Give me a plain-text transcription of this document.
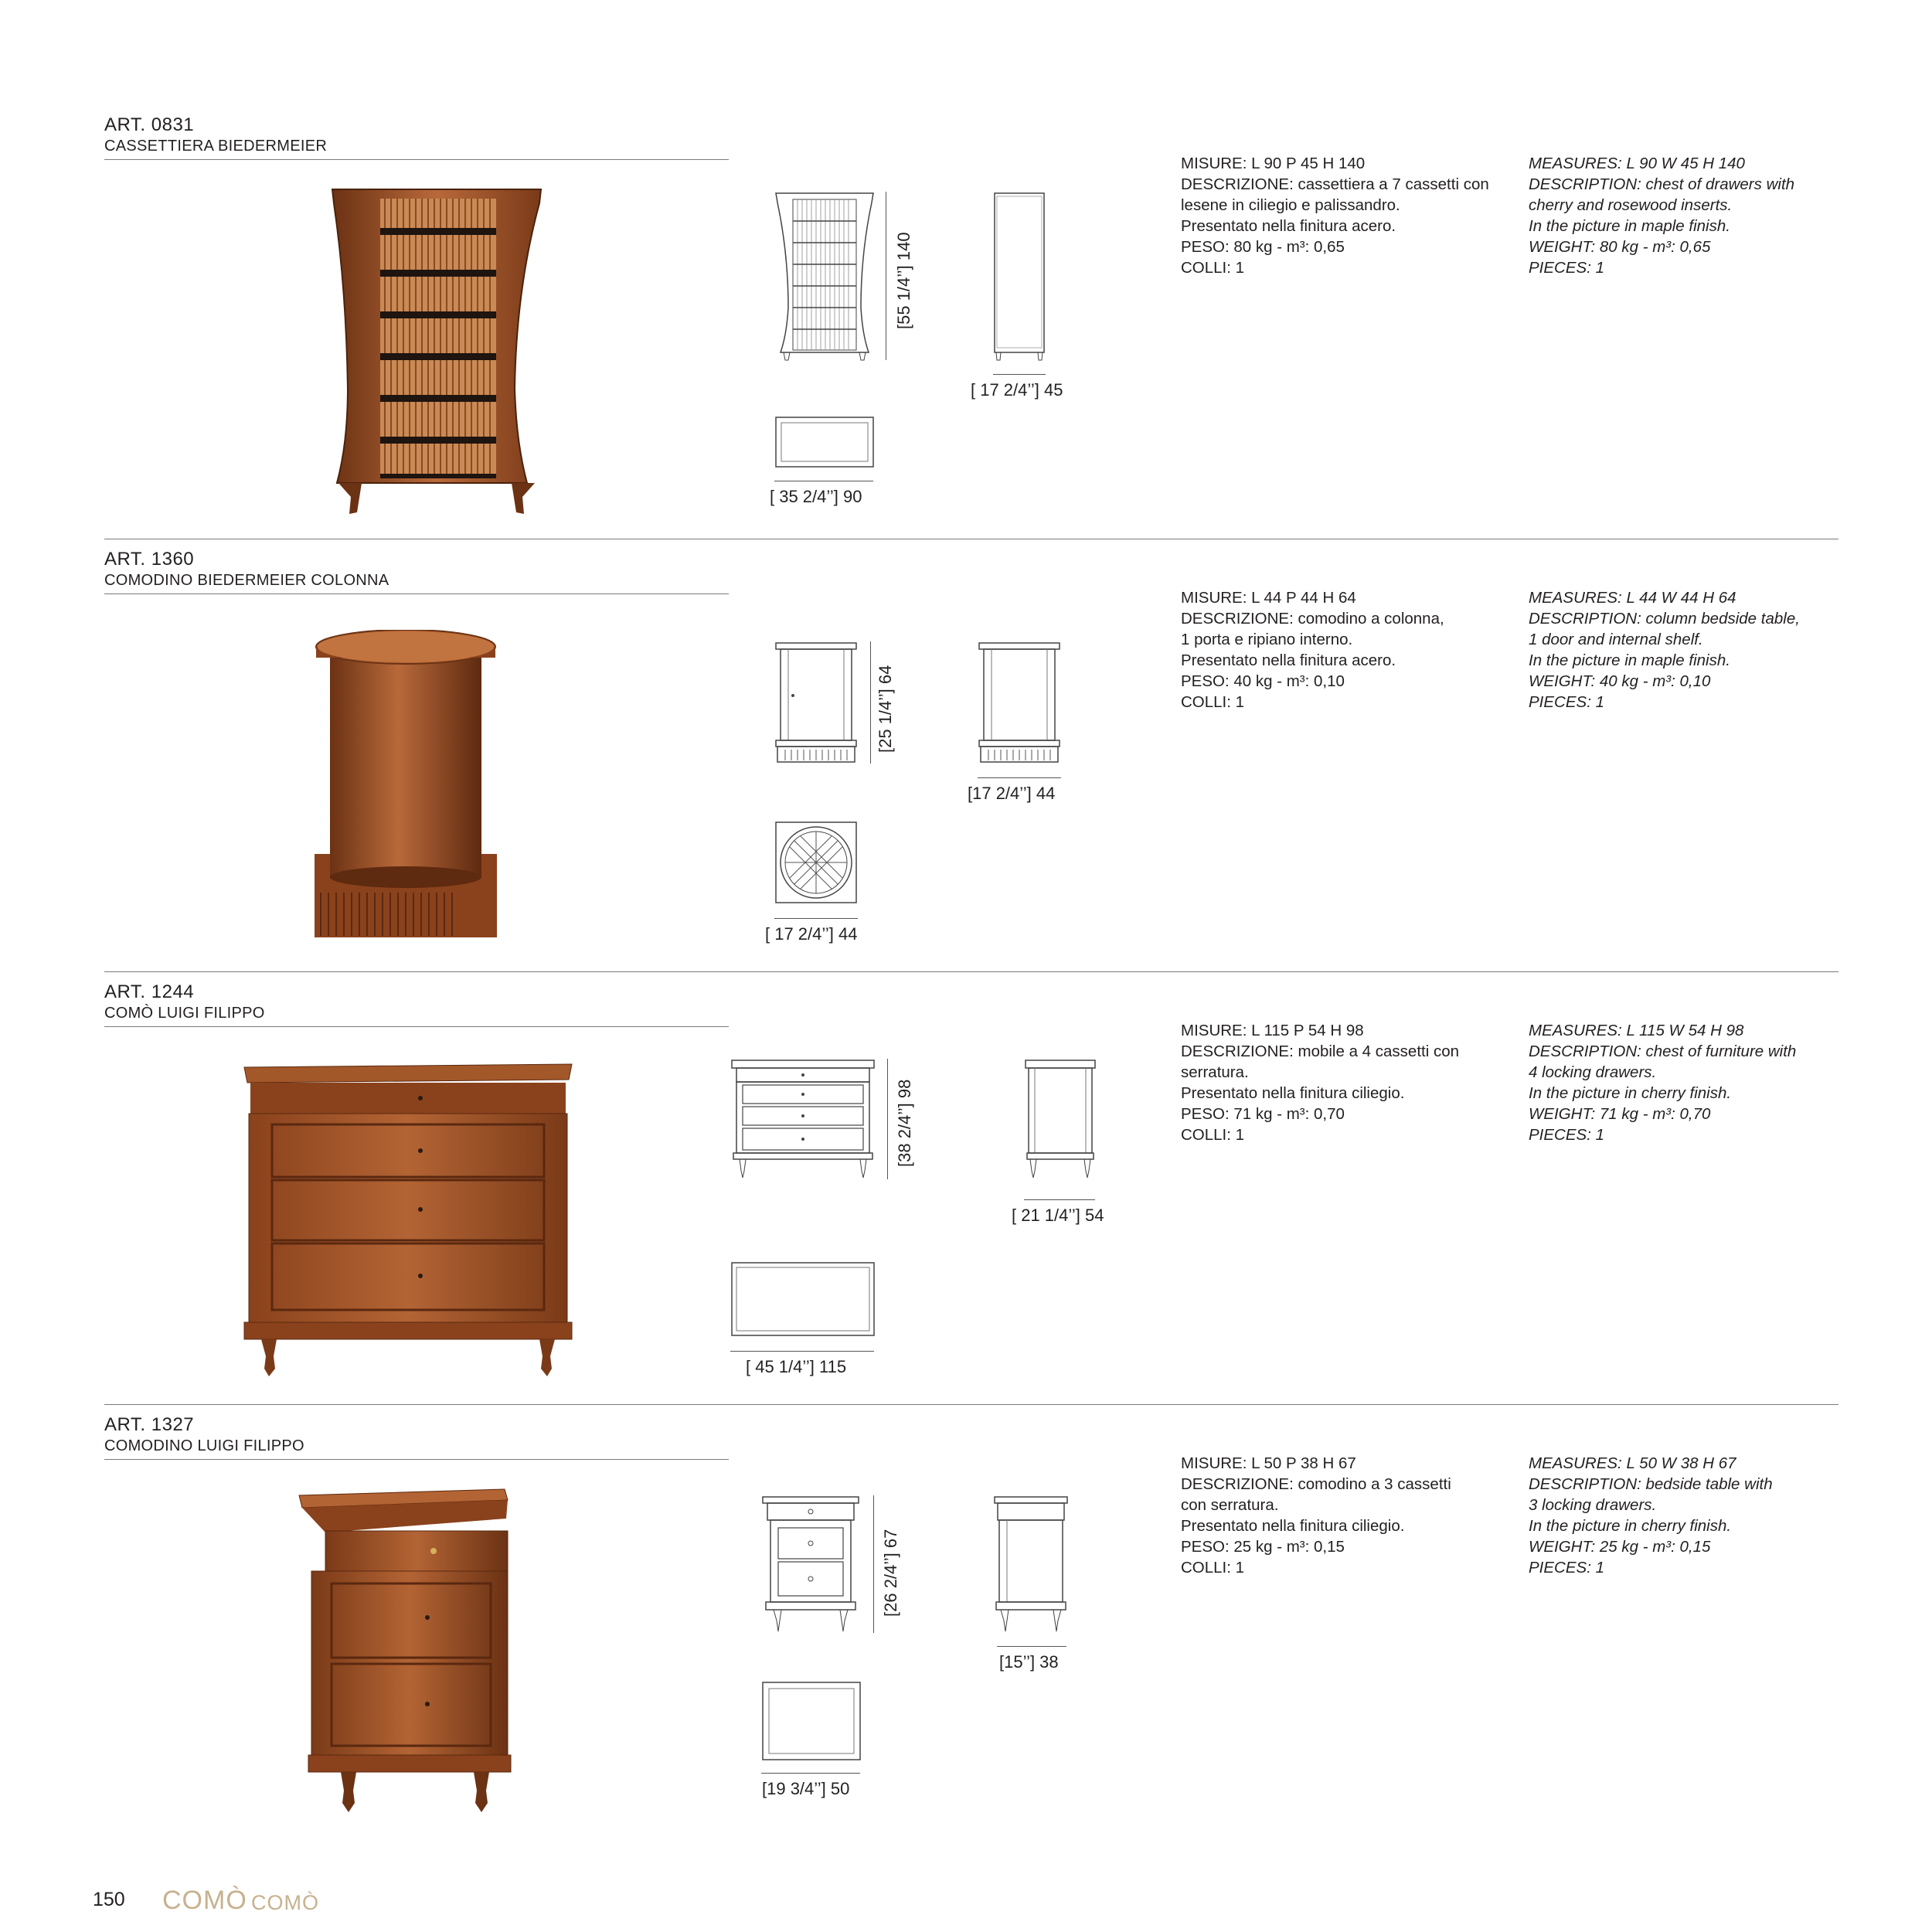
ART. 0831
CASSETTIERA BIEDERMEIER
[55 1/4’’] 140
[ 17 2/4’’] 45
[ 35 2/4’’] 90
MISURE: L 90 P 45 H 140
DESCRIZIONE: cassettiera a 7 cassetti con
lesene in ciliegio e palissandro.
Presentato nella finitura acero.
PESO: 80 kg - m³: 0,65
COLLI: 1
MEASURES: L 90 W 45 H 140
DESCRIPTION: chest of drawers with
cherry and rosewood inserts.
In the picture in maple finish.
WEIGHT: 80 kg - m³: 0,65
PIECES: 1
ART. 1360
COMODINO BIEDERMEIER COLONNA
[25 1/4’’] 64
[17 2/4’’] 44
[ 17 2/4’’] 44
MISURE: L 44 P 44 H 64
DESCRIZIONE: comodino a colonna,
1 porta e ripiano interno.
Presentato nella finitura acero.
PESO: 40 kg - m³: 0,10
COLLI: 1
MEASURES: L 44 W 44 H 64
DESCRIPTION: column bedside table,
1 door and internal shelf.
In the picture in maple finish.
WEIGHT: 40 kg - m³: 0,10
PIECES: 1
ART. 1244
COMÒ LUIGI FILIPPO
[38 2/4’’] 98
[ 21 1/4’’] 54
[ 45 1/4’’] 115
MISURE: L 115 P 54 H 98
DESCRIZIONE: mobile a 4 cassetti con
serratura.
Presentato nella finitura ciliegio.
PESO: 71 kg - m³: 0,70
COLLI: 1
MEASURES: L 115 W 54 H 98
DESCRIPTION: chest of furniture with
4 locking drawers.
In the picture in cherry finish.
WEIGHT: 71 kg - m³: 0,70
PIECES: 1
ART. 1327
COMODINO LUIGI FILIPPO
[26 2/4’’] 67
[15’’] 38
[19 3/4’’] 50
MISURE: L 50 P 38 H 67
DESCRIZIONE: comodino a 3 cassetti
con serratura.
Presentato nella finitura ciliegio.
PESO: 25 kg - m³: 0,15
COLLI: 1
MEASURES: L 50 W 38 H 67
DESCRIPTION: bedside table with
3 locking drawers.
In the picture in cherry finish.
WEIGHT: 25 kg - m³: 0,15
PIECES: 1
150 COMÒ COMÒ
